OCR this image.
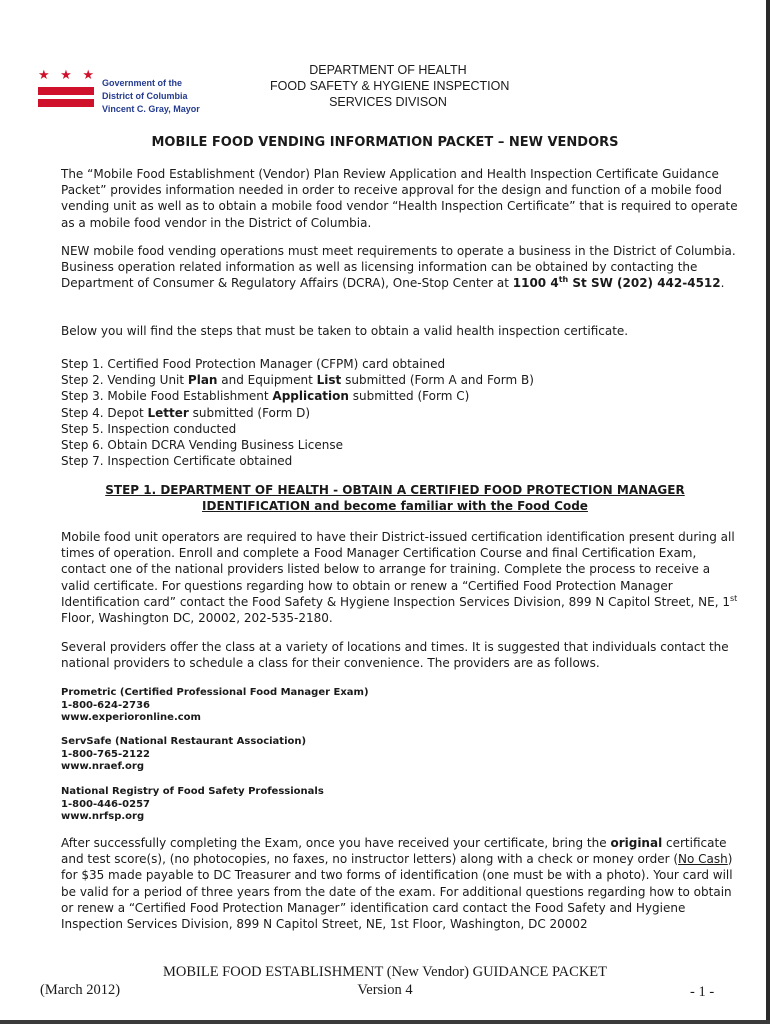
★ ★ ★ Government of the
District of Columbia
Vincent C. Gray, Mayor
DEPARTMENT OF HEALTH
FOOD SAFETY & HYGIENE INSPECTION
SERVICES DIVISON
MOBILE FOOD VENDING INFORMATION PACKET – NEW VENDORS

The “Mobile Food Establishment (Vendor) Plan Review Application and Health Inspection Certificate Guidance Packet” provides information needed in order to receive approval for the design and function of a mobile food vending unit as well as to obtain a mobile food vendor “Health Inspection Certificate” that is required to operate as a mobile food vendor in the District of Columbia.

NEW mobile food vending operations must meet requirements to operate a business in the District of Columbia. Business operation related information as well as licensing information can be obtained by contacting the Department of Consumer & Regulatory Affairs (DCRA), One-Stop Center at 1100 4th St SW (202) 442-4512.

Below you will find the steps that must be taken to obtain a valid health inspection certificate.

Step 1. Certified Food Protection Manager (CFPM) card obtained
Step 2. Vending Unit Plan and Equipment List submitted (Form A and Form B)
Step 3. Mobile Food Establishment Application submitted (Form C)
Step 4. Depot Letter submitted (Form D)
Step 5. Inspection conducted
Step 6. Obtain DCRA Vending Business License
Step 7. Inspection Certificate obtained
STEP 1. DEPARTMENT OF HEALTH - OBTAIN A CERTIFIED FOOD PROTECTION MANAGER
IDENTIFICATION and become familiar with the Food Code

Mobile food unit operators are required to have their District-issued certification identification present during all times of operation. Enroll and complete a Food Manager Certification Course and final Certification Exam, contact one of the national providers listed below to arrange for training. Complete the process to receive a valid certificate. For questions regarding how to obtain or renew a “Certified Food Protection Manager Identification card” contact the Food Safety & Hygiene Inspection Services Division, 899 N Capitol Street, NE, 1st Floor, Washington DC, 20002, 202-535-2180.

Several providers offer the class at a variety of locations and times. It is suggested that individuals contact the national providers to schedule a class for their convenience. The providers are as follows.

Prometric (Certified Professional Food Manager Exam)
1-800-624-2736
www.experioronline.com
ServSafe (National Restaurant Association)
1-800-765-2122
www.nraef.org
National Registry of Food Safety Professionals
1-800-446-0257
www.nrfsp.org

After successfully completing the Exam, once you have received your certificate, bring the original certificate and test score(s), (no photocopies, no faxes, no instructor letters) along with a check or money order (No Cash) for $35 made payable to DC Treasurer and two forms of identification (one must be with a photo). Your card will be valid for a period of three years from the date of the exam. For additional questions regarding how to obtain or renew a “Certified Food Protection Manager” identification card contact the Food Safety and Hygiene Inspection Services Division, 899 N Capitol Street, NE, 1st Floor, Washington, DC 20002

MOBILE FOOD ESTABLISHMENT (New Vendor) GUIDANCE PACKET
Version 4
(March 2012)	- 1 -
